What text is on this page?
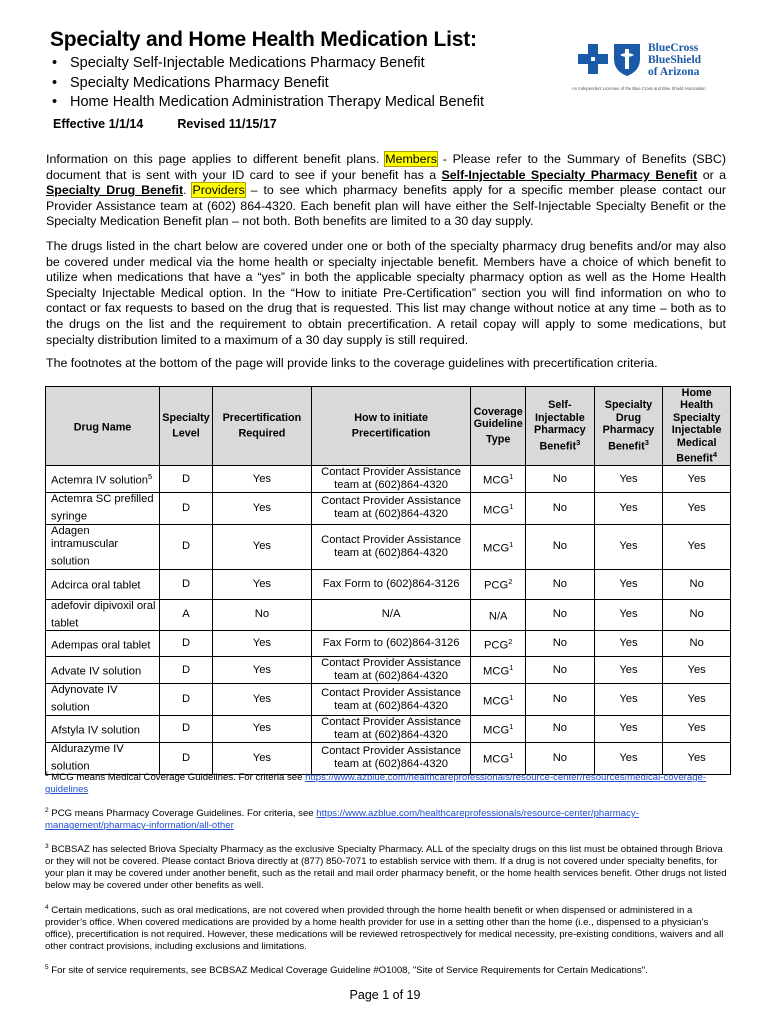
Specialty and Home Health Medication List:
• Specialty Self-Injectable Medications Pharmacy Benefit
• Specialty Medications Pharmacy Benefit
• Home Health Medication Administration Therapy Medical Benefit
BlueCross
BlueShield
of Arizona
An Independent Licensee of the Blue Cross and Blue Shield Association
Effective 1/1/14	Revised 11/15/17
Information on this page applies to different benefit plans. Members - Please refer to the Summary of Benefits (SBC) document that is sent with your ID card to see if your benefit has a Self-Injectable Specialty Pharmacy Benefit or a Specialty Drug Benefit. Providers – to see which pharmacy benefits apply for a specific member please contact our Provider Assistance team at (602) 864-4320. Each benefit plan will have either the Self-Injectable Specialty Benefit or the Specialty Medication Benefit plan – not both. Both benefits are limited to a 30 day supply.
The drugs listed in the chart below are covered under one or both of the specialty pharmacy drug benefits and/or may also be covered under medical via the home health or specialty injectable benefit. Members have a choice of which benefit to utilize when medications that have a “yes” in both the applicable specialty pharmacy option as well as the Home Health Specialty Injectable Medical option. In the “How to initiate Pre-Certification” section you will find information on who to contact or fax requests to based on the drug that is requested. This list may change without notice at any time – both as to the drugs on the list and the requirement to obtain precertification. A retail copay will apply to some medications, but specialty distribution limited to a maximum of a 30 day supply is still required.
The footnotes at the bottom of the page will provide links to the coverage guidelines with precertification criteria.
Drug Name	Specialty Level	Precertification Required	How to initiate Precertification	Coverage Guideline Type	Self-Injectable Pharmacy Benefit$^3$	Specialty Drug Pharmacy Benefit$^3$	Home Health Specialty Injectable Medical Benefit$^4$
Actemra IV solution$^5$	D	Yes	Contact Provider Assistance team at (602)864-4320	MCG$^1$	No	Yes	Yes
Actemra SC prefilled syringe	D	Yes	Contact Provider Assistance team at (602)864-4320	MCG$^1$	No	Yes	Yes
Adagen intramuscular solution	D	Yes	Contact Provider Assistance team at (602)864-4320	MCG$^1$	No	Yes	Yes
Adcirca oral tablet	D	Yes	Fax Form to (602)864-3126	PCG$^2$	No	Yes	No
adefovir dipivoxil oral tablet	A	No	N/A	N/A	No	Yes	No
Adempas oral tablet	D	Yes	Fax Form to (602)864-3126	PCG$^2$	No	Yes	No
Advate IV solution	D	Yes	Contact Provider Assistance team at (602)864-4320	MCG$^1$	No	Yes	Yes
Adynovate IV solution	D	Yes	Contact Provider Assistance team at (602)864-4320	MCG$^1$	No	Yes	Yes
Afstyla IV solution	D	Yes	Contact Provider Assistance team at (602)864-4320	MCG$^1$	No	Yes	Yes
Aldurazyme IV solution	D	Yes	Contact Provider Assistance team at (602)864-4320	MCG$^1$	No	Yes	Yes
$^1$ MCG means Medical Coverage Guidelines. For criteria see https://www.azblue.com/healthcareprofessionals/resource-center/resources/medical-coverage-guidelines
$^2$ PCG means Pharmacy Coverage Guidelines. For criteria, see https://www.azblue.com/healthcareprofessionals/resource-center/pharmacy-management/pharmacy-information/all-other
$^3$ BCBSAZ has selected Briova Specialty Pharmacy as the exclusive Specialty Pharmacy. ALL of the specialty drugs on this list must be obtained through Briova or they will not be covered. Please contact Briova directly at (877) 850-7071 to establish service with them. If a drug is not covered under specialty benefits, for your plan it may be covered under another benefit, such as the retail and mail order pharmacy benefit, or the home health services benefit. Other drugs not listed below may be covered under other benefits as well.
$^4$ Certain medications, such as oral medications, are not covered when provided through the home health benefit or when dispensed or administered in a provider’s office. When covered medications are provided by a home health provider for use in a setting other than the home (i.e., dispensed to a physician’s office), precertification is not required. However, these medications will be reviewed retrospectively for medical necessity, pre-existing conditions, waivers and all other contract provisions, including exclusions and limitations.
$^5$ For site of service requirements, see BCBSAZ Medical Coverage Guideline #O1008, "Site of Service Requirements for Certain Medications".
Page 1 of 19
